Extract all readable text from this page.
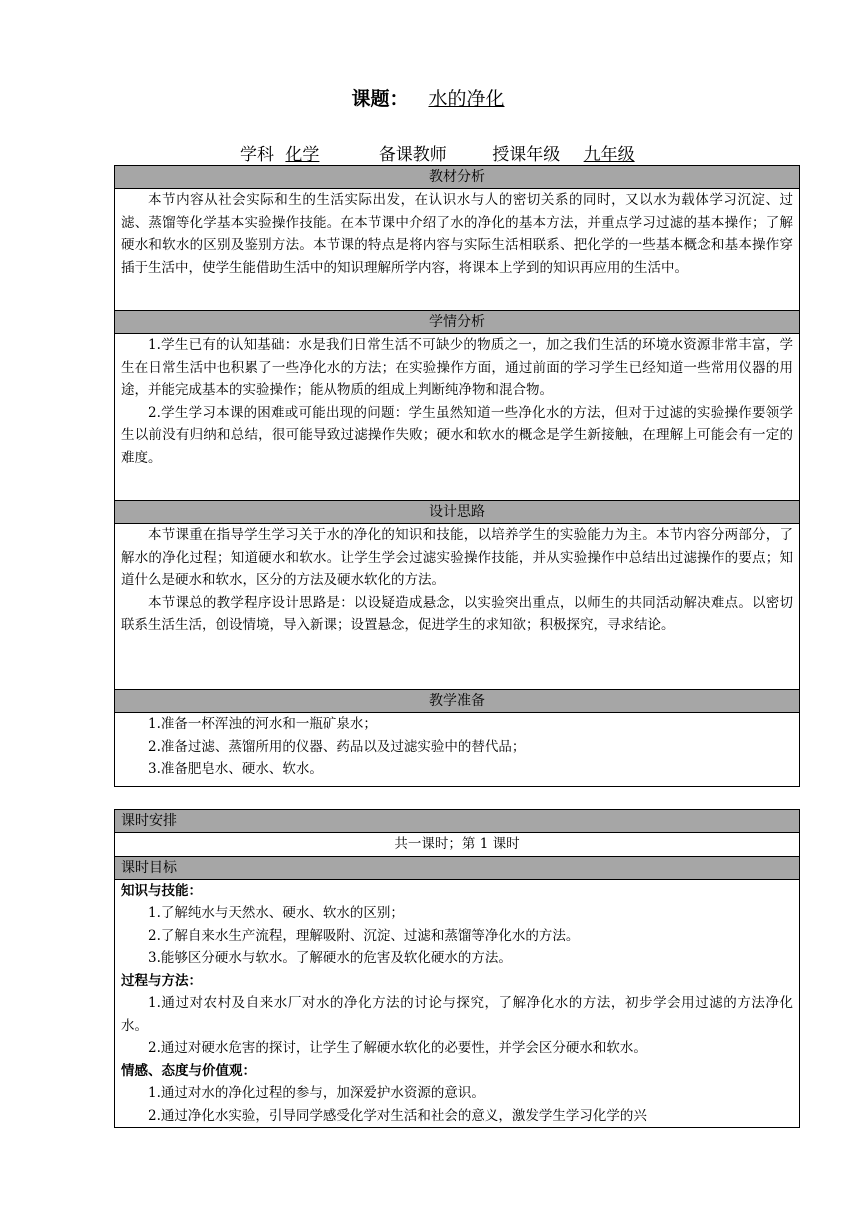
课题： 水的净化
学科 化学	备课教师	授课年级 九年级
教材分析

本节内容从社会实际和生的生活实际出发，在认识水与人的密切关系的同时，又以水为载体学习沉淀、过滤、蒸馏等化学基本实验操作技能。在本节课中介绍了水的净化的基本方法，并重点学习过滤的基本操作；了解硬水和软水的区别及鉴别方法。本节课的特点是将内容与实际生活相联系、把化学的一些基本概念和基本操作穿插于生活中，使学生能借助生活中的知识理解所学内容，将课本上学到的知识再应用的生活中。

学情分析

1.学生已有的认知基础：水是我们日常生活不可缺少的物质之一，加之我们生活的环境水资源非常丰富，学生在日常生活中也积累了一些净化水的方法；在实验操作方面，通过前面的学习学生已经知道一些常用仪器的用途，并能完成基本的实验操作；能从物质的组成上判断纯净物和混合物。

2.学生学习本课的困难或可能出现的问题：学生虽然知道一些净化水的方法，但对于过滤的实验操作要领学生以前没有归纳和总结，很可能导致过滤操作失败；硬水和软水的概念是学生新接触，在理解上可能会有一定的难度。

设计思路

本节课重在指导学生学习关于水的净化的知识和技能，以培养学生的实验能力为主。本节内容分两部分，了解水的净化过程；知道硬水和软水。让学生学会过滤实验操作技能，并从实验操作中总结出过滤操作的要点；知道什么是硬水和软水，区分的方法及硬水软化的方法。

本节课总的教学程序设计思路是：以设疑造成悬念，以实验突出重点，以师生的共同活动解决难点。以密切联系生活生活，创设情境，导入新课；设置悬念，促进学生的求知欲；积极探究，寻求结论。

教学准备

1.准备一杯浑浊的河水和一瓶矿泉水；

2.准备过滤、蒸馏所用的仪器、药品以及过滤实验中的替代品；

3.准备肥皂水、硬水、软水。

课时安排
共一课时；第 1 课时
课时目标

知识与技能：

1.了解纯水与天然水、硬水、软水的区别；

2.了解自来水生产流程，理解吸附、沉淀、过滤和蒸馏等净化水的方法。

3.能够区分硬水与软水。了解硬水的危害及软化硬水的方法。

过程与方法：

1.通过对农村及自来水厂对水的净化方法的讨论与探究，了解净化水的方法，初步学会用过滤的方法净化水。

2.通过对硬水危害的探讨，让学生了解硬水软化的必要性，并学会区分硬水和软水。

情感、态度与价值观：

1.通过对水的净化过程的参与，加深爱护水资源的意识。

2.通过净化水实验，引导同学感受化学对生活和社会的意义，激发学生学习化学的兴
